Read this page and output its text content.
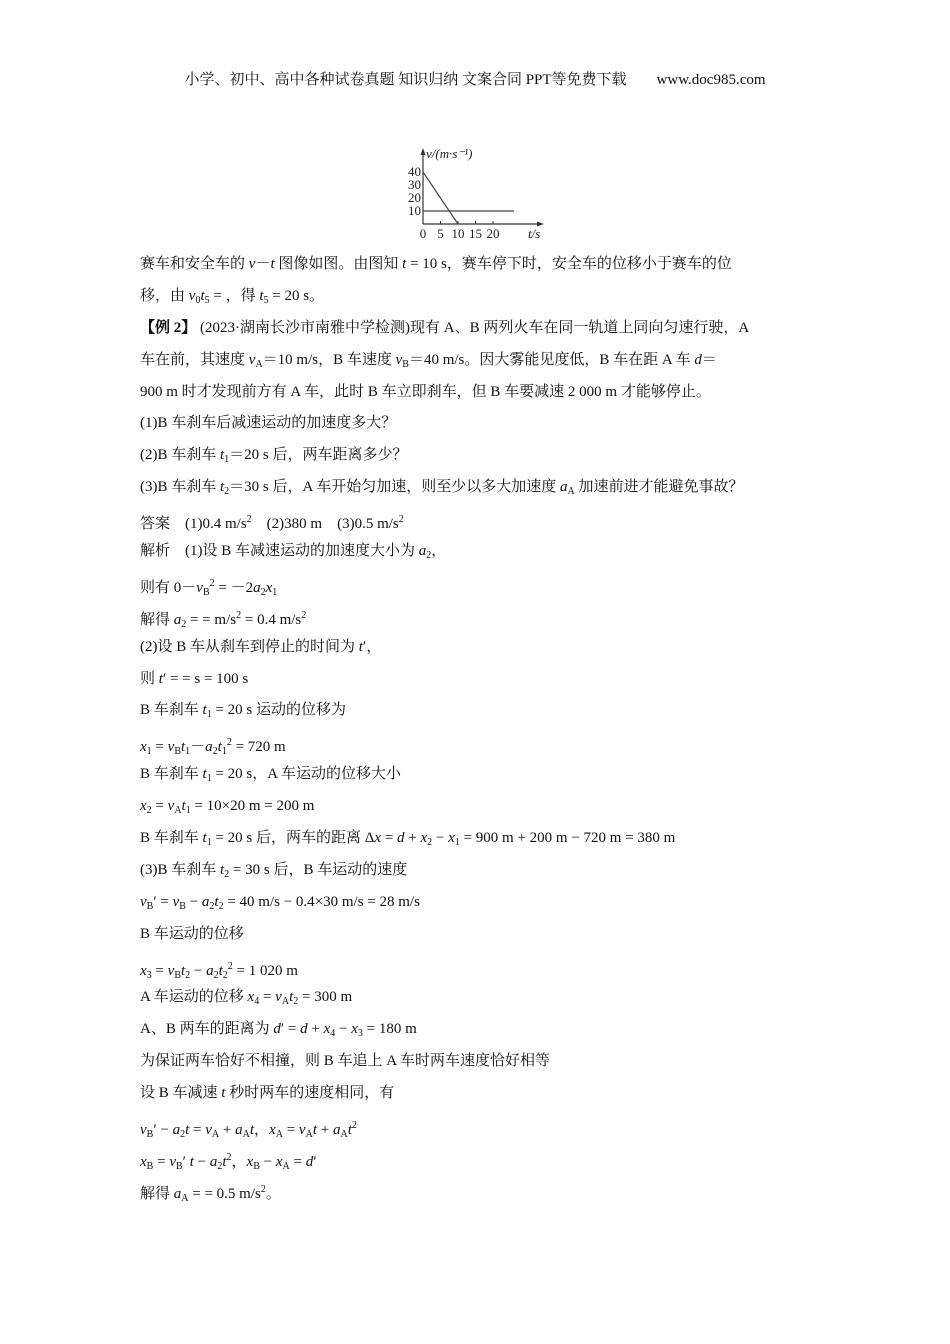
小学、初中、高中各种试卷真题 知识归纳 文案合同 PPT等免费下载　　www.doc985.com
v/(m·s⁻¹)
t/s
0 5 10 15 20
10
20
30
40
赛车和安全车的 v－t 图像如图。由图知 t = 10 s，赛车停下时，安全车的位移小于赛车的位
移，由 $v_0t_5$ = ，得 $t_5 = 20$ s。
【例 2】 (2023·湖南长沙市南雅中学检测)现有 A、B 两列火车在同一轨道上同向匀速行驶，A
车在前，其速度 $v_A=10$ m/s，B 车速度 $v_B=40$ m/s。因大雾能见度低，B 车在距 A 车 d＝
900 m 时才发现前方有 A 车，此时 B 车立即刹车，但 B 车要减速 2 000 m 才能够停止。
(1)B 车刹车后减速运动的加速度多大？
(2)B 车刹车 $t_1=20$ s 后，两车距离多少？
(3)B 车刹车 $t_2=30$ s 后，A 车开始匀加速，则至少以多大加速度 $a_A$ 加速前进才能避免事故？
答案　(1)0.4 $m/s^2$　(2)380 m　(3)0.5 $m/s^2$
解析　(1)设 B 车减速运动的加速度大小为 $a_2$，
则有 $0-v_B^2 = -2a_2x_1$
解得 $a_2$ = = $m/s^2 = 0.4$ $m/s^2$
(2)设 B 车从刹车到停止的时间为 t′，
则 t′ = = s = 100 s
B 车刹车 $t_1 = 20$ s 运动的位移为
$x_1 = v_Bt_1-a_2t_1^2 = 720$ m
B 车刹车 $t_1 = 20$ s，A 车运动的位移大小
$x_2 = v_At_1 = 10\times 20$ m = 200 m
B 车刹车 $t_1 = 20$ s 后，两车的距离 $\Delta x = d + x_2 - x_1 = 900$ m + 200 m − 720 m = 380 m
(3)B 车刹车 $t_2 = 30$ s 后，B 车运动的速度
$v_B' = v_B - a_2t_2 = 40$ m/s − 0.4×30 m/s = 28 m/s
B 车运动的位移
$x_3 = v_Bt_2 - a_2t_2^2 = 1$ 020 m
A 车运动的位移 $x_4 = v_At_2 = 300$ m
A、B 两车的距离为 $d' = d + x_4 - x_3 = 180$ m
为保证两车恰好不相撞，则 B 车追上 A 车时两车速度恰好相等
设 B 车减速 t 秒时两车的速度相同，有
$v_B' - a_2t = v_A + a_At$，$x_A = v_At + a_At^2$
$x_B = v_B'$ $t - a_2t^2$，$x_B - x_A = d'$
解得 $a_A$ = = 0.5 $m/s^2$。
